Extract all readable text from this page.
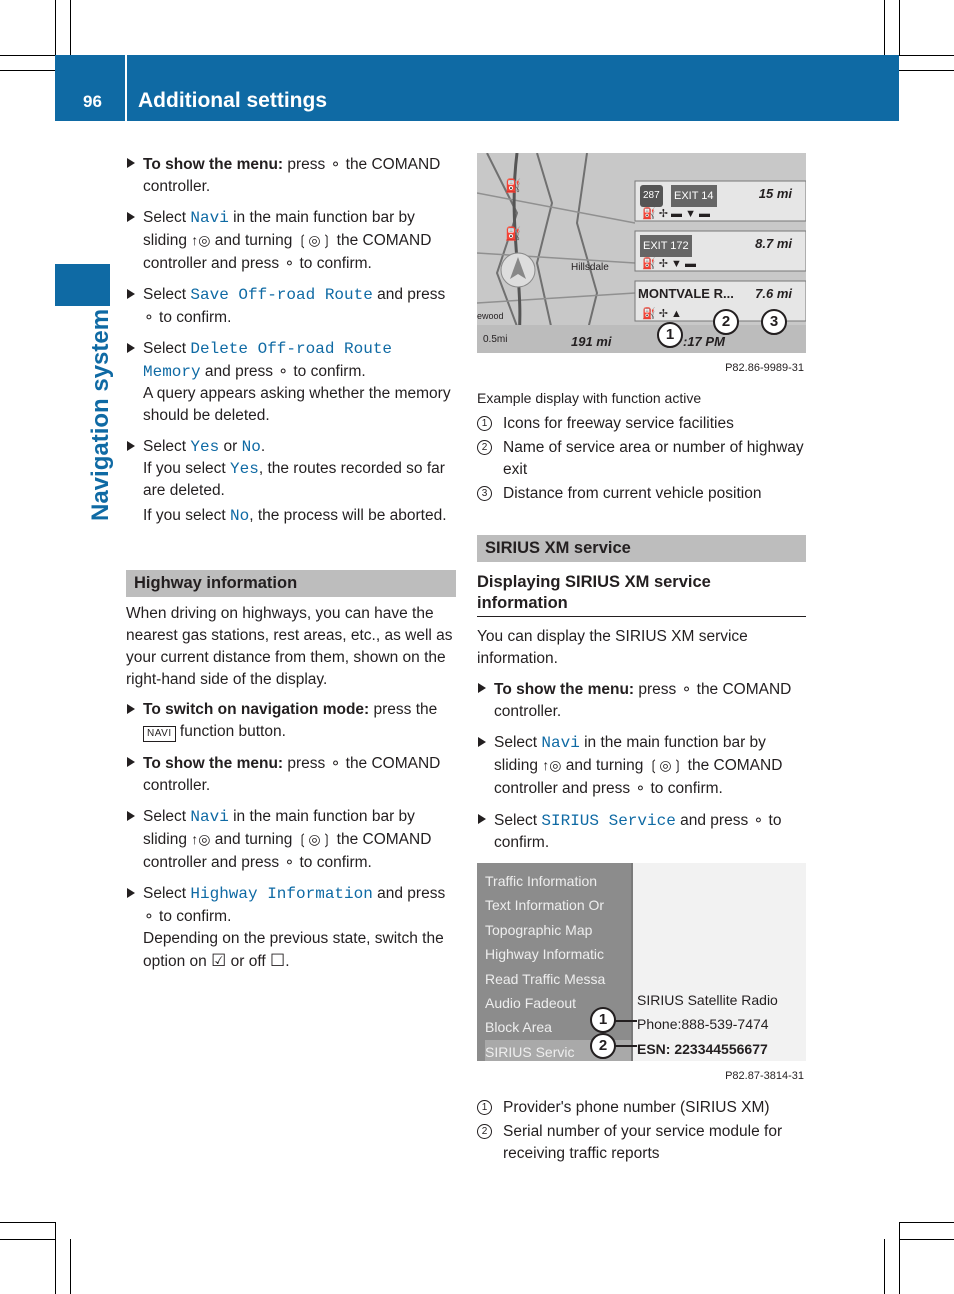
96	Additional settings
Navigation system
To show the menu: press ⚬ the COMAND controller.
Select Navi in the main function bar by sliding ↑◎ and turning ❲◎❳ the COMAND controller and press ⚬ to confirm.
Select Save Off-road Route and press ⚬ to confirm.
Select Delete Off-road Route Memory and press ⚬ to confirm.
A query appears asking whether the memory should be deleted.
Select Yes or No.
If you select Yes, the routes recorded so far are deleted.
If you select No, the process will be aborted.
Highway information
When driving on highways, you can have the nearest gas stations, rest areas, etc., as well as your current distance from them, shown on the right-hand side of the display.
To switch on navigation mode: press the NAVI function button.
To show the menu: press ⚬ the COMAND controller.
Select Navi in the main function bar by sliding ↑◎ and turning ❲◎❳ the COMAND controller and press ⚬ to confirm.
Select Highway Information and press ⚬ to confirm.
Depending on the previous state, switch the option on ☑ or off ☐.
⛽
⛽
Hillsdale
ewood
287 EXIT 14	15 mi
⛽ ✢ ▬ ▼ ▬
EXIT 172	8.7 mi
⛽ ✢ ▼ ▬
MONTVALE R... 7.6 mi
⛽ ✢ ▲
0.5mi	191 mi	:17 PM
1
2	3
P82.86-9989-31
Example display with function active
1	Icons for freeway service facilities
2	Name of service area or number of highway exit
3	Distance from current vehicle position
SIRIUS XM service
Displaying SIRIUS XM service information
You can display the SIRIUS XM service information.
To show the menu: press ⚬ the COMAND controller.
Select Navi in the main function bar by sliding ↑◎ and turning ❲◎❳ the COMAND controller and press ⚬ to confirm.
Select SIRIUS Service and press ⚬ to confirm.
Traffic Information
Text Information Or
Topographic Map
Highway Informatic
Read Traffic Messa
Audio Fadeout
Block Area
SIRIUS Servic
SIRIUS Satellite Radio
Phone:888-539-7474
ESN: 223344556677
1
2
P82.87-3814-31
1	Provider's phone number (SIRIUS XM)
2	Serial number of your service module for receiving traffic reports
